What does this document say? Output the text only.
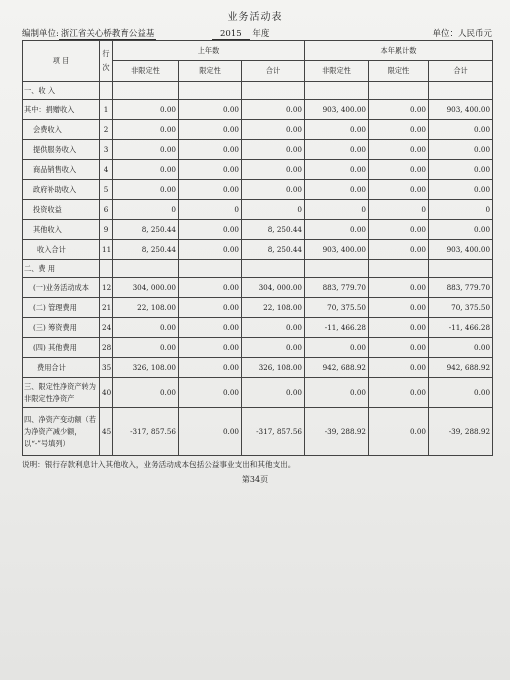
业务活动表
编制单位: 浙江省关心桥教育公益基	2015 年度	单位：人民币元
项 目	行次	上年数			本年累计数		
		非限定性	限定性	合计	非限定性	限定性	合计
一、收 入							
其中：捐赠收入	1	0.00	0.00	0.00	903, 400.00	0.00	903, 400.00
会费收入	2	0.00	0.00	0.00	0.00	0.00	0.00
提供服务收入	3	0.00	0.00	0.00	0.00	0.00	0.00
商品销售收入	4	0.00	0.00	0.00	0.00	0.00	0.00
政府补助收入	5	0.00	0.00	0.00	0.00	0.00	0.00
投资收益	6	0	0	0	0	0	0
其他收入	9	8, 250.44	0.00	8, 250.44	0.00	0.00	0.00
收入合计	11	8, 250.44	0.00	8, 250.44	903, 400.00	0.00	903, 400.00
二、费 用							
(一)业务活动成本	12	304, 000.00	0.00	304, 000.00	883, 779.70	0.00	883, 779.70
(二) 管理费用	21	22, 108.00	0.00	22, 108.00	70, 375.50	0.00	70, 375.50
(三) 筹资费用	24	0.00	0.00	0.00	-11, 466.28	0.00	-11, 466.28
(四) 其他费用	28	0.00	0.00	0.00	0.00	0.00	0.00
费用合计	35	326, 108.00	0.00	326, 108.00	942, 688.92	0.00	942, 688.92
三、限定性净资产转为非限定性净资产	40	0.00	0.00	0.00	0.00	0.00	0.00
四、净资产变动额（若为净资产减少额，以“-”号填列）	45	-317, 857.56	0.00	-317, 857.56	-39, 288.92	0.00	-39, 288.92
说明：银行存款利息计入其他收入，业务活动成本包括公益事业支出和其他支出。
第34页
